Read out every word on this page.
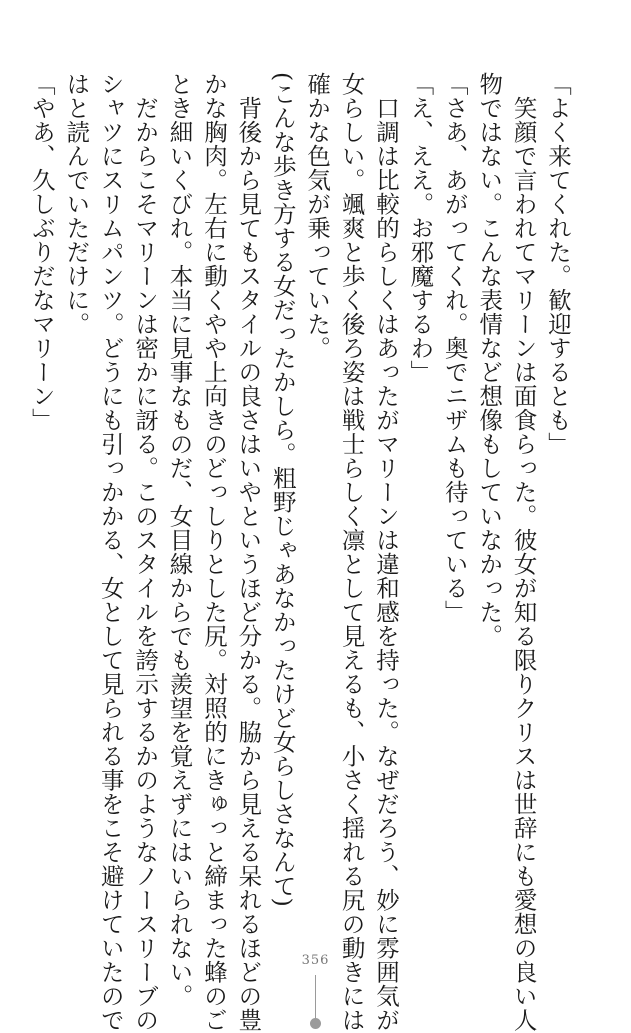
「よく来てくれた。歓迎するとも」

笑顔で言われてマリーンは面食らった。彼女が知る限りクリスは世辞にも愛想の良い人

物ではない。こんな表情など想像もしていなかった。

「さあ、あがってくれ。奥でニザムも待っている」

「え、ええ。お邪魔するわ」

口調は比較的らしくはあったがマリーンは違和感を持った。なぜだろう、妙に雰囲気が

女らしい。颯爽と歩く後ろ姿は戦士らしく凛として見えるも、小さく揺れる尻の動きには

確かな色気が乗っていた。

(こんな歩き方する女だったかしら。粗野じゃあなかったけど女らしさなんて)

背後から見てもスタイルの良さはいやというほど分かる。脇から見える呆れるほどの豊

かな胸肉。左右に動くやや上向きのどっしりとした尻。対照的にきゅっと締まった蜂のご

とき細いくびれ。本当に見事なものだ、女目線からでも羨望を覚えずにはいられない。

だからこそマリーンは密かに訝る。このスタイルを誇示するかのようなノースリーブの

シャツにスリムパンツ。どうにも引っかかる、女として見られる事をこそ避けていたので

はと読んでいただけに。

「やあ、久しぶりだなマリーン」

356
